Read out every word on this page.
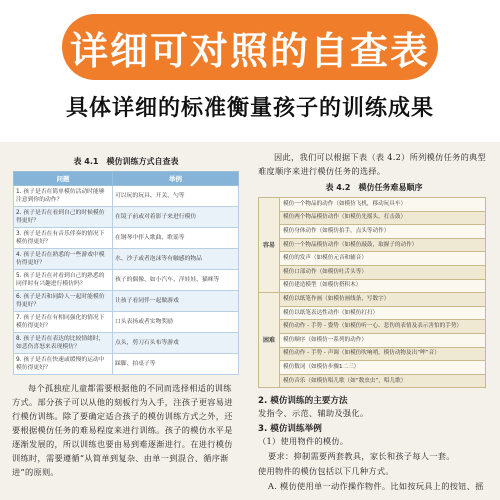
详细可对照的自查表
具体详细的标准衡量孩子的训练成果
表 4.1　模仿训练方式自查表
问题	举例
1. 孩子是否在简单模仿活动时能够注意到你的动作？	可以玩的玩具、开关、勺等
2. 孩子是否在看到自己的时候模仿得更好？	在镜子前或对着影子来进行模仿
3. 孩子是否在有音乐伴奏的情况下模仿得更好？	在钢琴中伴入歌曲、歌谣等
4. 孩子是否在熟悉的一些游戏中模仿得更好？	水、沙子或者泡沫等有触感的物品
5. 孩子是否在对看到自己的熟悉的同伴时有兴趣进行模仿吗？	孩子的偶像、如小汽车、洋娃娃、猫咪等
6. 孩子是否和同龄人一起时能模仿得更好？	让孩子看同伴一起做游戏
7. 孩子是否在有相同强化的情况下模仿得更好？	口头表扬或者实物奖励
8. 孩子是否在表达的比较情绪时，如悲伤喜怒来表现模仿？	点头，剪刀石头布等游戏
9. 孩子是否在快速或缓慢的运动中模仿得更好？	踩脚、拍桌子等

每个孤独症儿童都需要根据他的不同而选择相适的训练方式。部分孩子可以从他的刻板行为入手，注孩子更容易进行模仿训练。除了要确定适合孩子的模仿训练方式之外，还要根据模仿任务的难易程度来进行训练。孩子的模仿水平是逐渐发展的，所以训练也要由易到难逐渐进行。在进行模仿训练时，需要遵循“从简单到复杂、由单一到混合、循序渐进”的原则。

因此，我们可以根据下表（表 4.2）所列模仿任务的典型难度顺序来进行模仿任务的选择。

表 4.2　模仿任务难易顺序
容易	模仿一个物品的动作（如模仿飞机，移动玩具车）
	模仿两个物品模仿动作（如模仿先摇头，打击鼓）
	模仿身体动作（如模仿拍手，点头等动作）
	模仿一个物品模仿动作（如模仿敲鼓，取握子的动作）
	模仿的发声（如模仿元音和辅音）
	模仿口部动作（如模仿吐舌头等）
	模仿建造模型（如模仿搭积木）
困难	模仿以纸笔作画（如模仿画线条，写数字）
	模仿以纸笔表达性动作（如模仿打扫）
	模仿动作 - 手势 - 姿势（如模仿听一心、悲伤的表情及表示害怕的手势）
	模仿顺序（如模仿一系列的动作）
	模仿动作 - 手势 - 声调（如模仿吹响哨，模仿动物及出“哞”音）
	模仿数词（如模仿步骤1二三）
	模仿音乐（如模仿唱儿歌（如“数虫虫”，唱儿歌）
2. 模仿训练的主要方法
发指令、示范、辅助及强化。
3. 模仿训练举例
（1）使用物件的模仿。
要求：抑制需要两套教具，家长和孩子每人一套。
使用物件的模仿包括以下几种方式。
A. 模仿使用单一动作操作物件。比如按玩具上的按钮、摇
